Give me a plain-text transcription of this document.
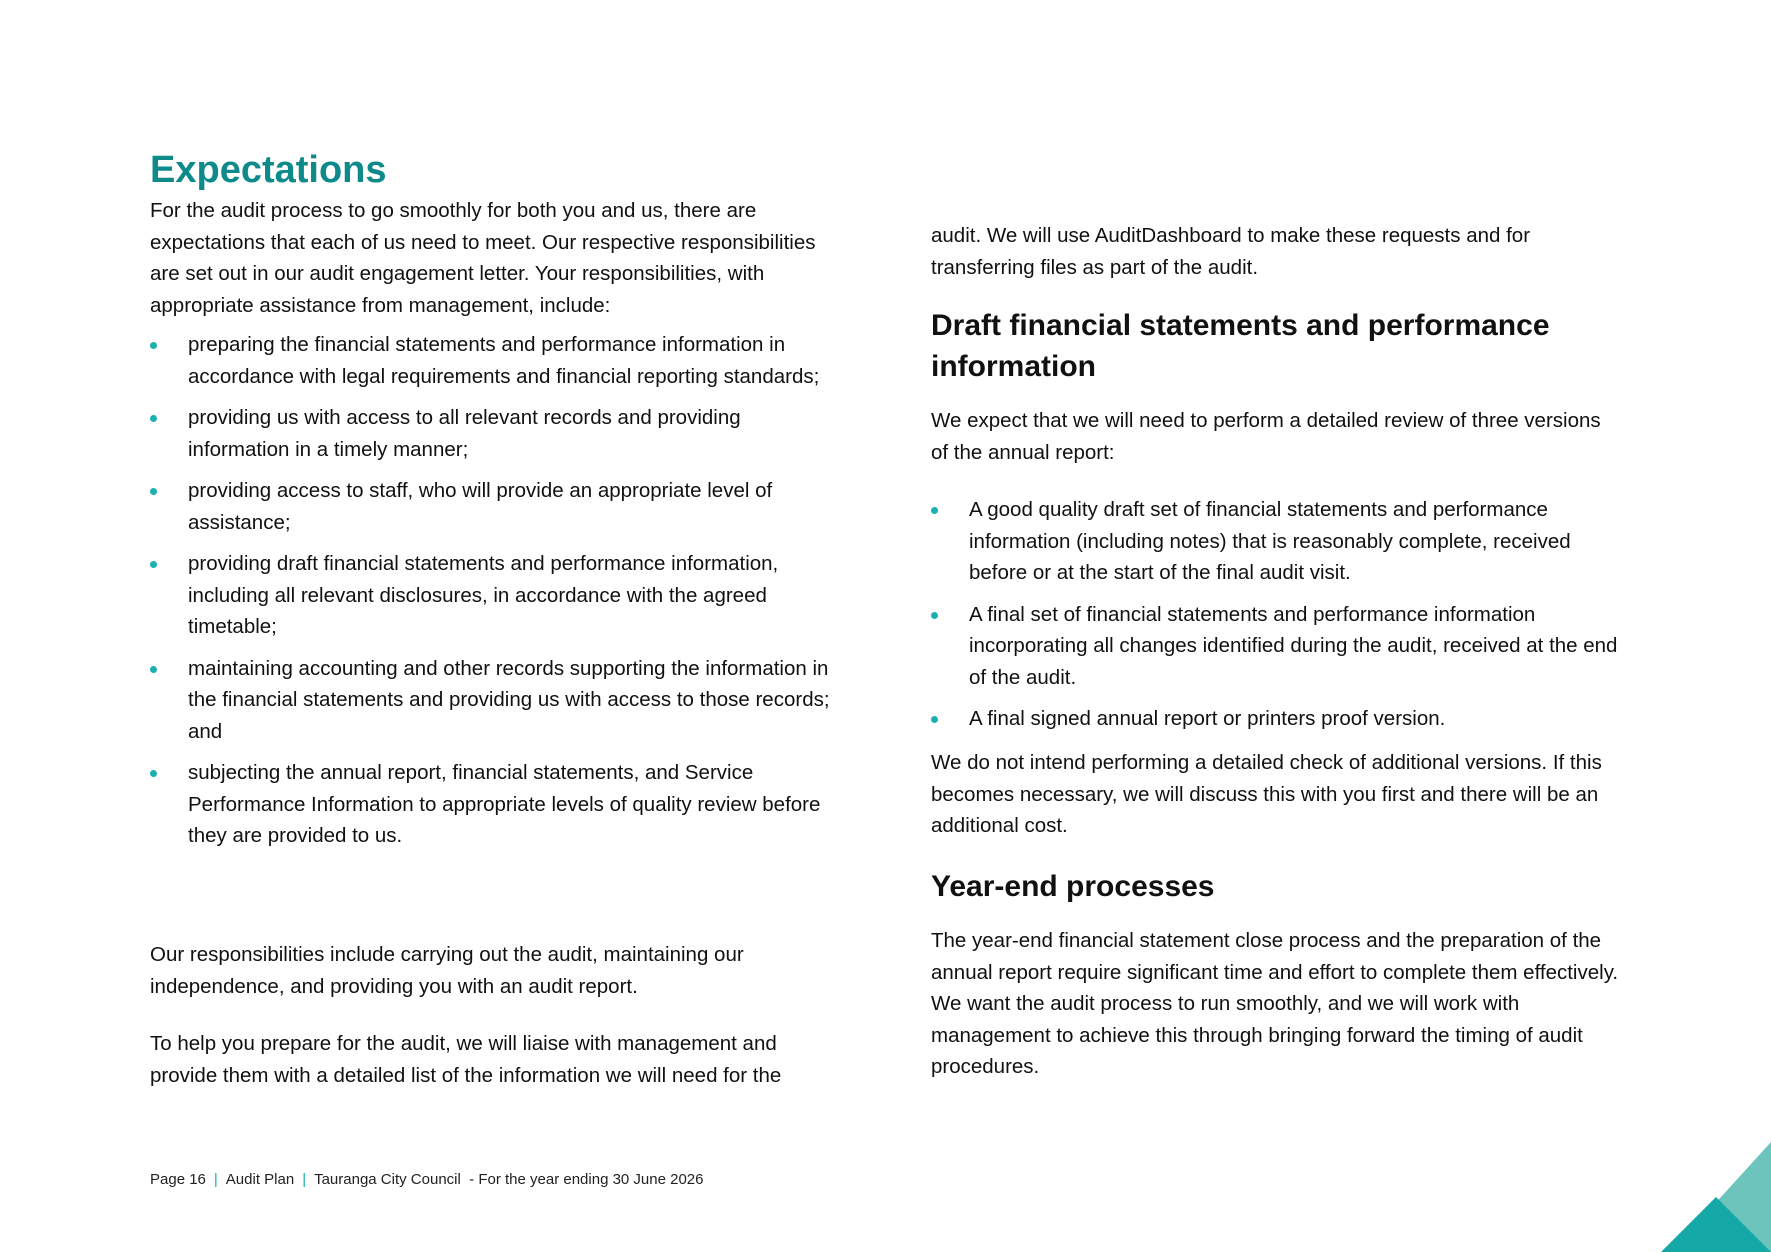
Expectations

For the audit process to go smoothly for both you and us, there are expectations that each of us need to meet. Our respective responsibilities are set out in our audit engagement letter. Your responsibilities, with appropriate assistance from management, include:

preparing the financial statements and performance information in accordance with legal requirements and financial reporting standards;
providing us with access to all relevant records and providing information in a timely manner;
providing access to staff, who will provide an appropriate level of assistance;
providing draft financial statements and performance information, including all relevant disclosures, in accordance with the agreed timetable;
maintaining accounting and other records supporting the information in the financial statements and providing us with access to those records; and
subjecting the annual report, financial statements, and Service Performance Information to appropriate levels of quality review before they are provided to us.

Our responsibilities include carrying out the audit, maintaining our independence, and providing you with an audit report.

To help you prepare for the audit, we will liaise with management and provide them with a detailed list of the information we will need for the

audit. We will use AuditDashboard to make these requests and for transferring files as part of the audit.

Draft financial statements and performance information

We expect that we will need to perform a detailed review of three versions of the annual report:

A good quality draft set of financial statements and performance information (including notes) that is reasonably complete, received before or at the start of the final audit visit.
A final set of financial statements and performance information incorporating all changes identified during the audit, received at the end of the audit.
A final signed annual report or printers proof version.

We do not intend performing a detailed check of additional versions. If this becomes necessary, we will discuss this with you first and there will be an additional cost.

Year-end processes

The year-end financial statement close process and the preparation of the annual report require significant time and effort to complete them effectively. We want the audit process to run smoothly, and we will work with management to achieve this through bringing forward the timing of audit procedures.

Page 16 | Audit Plan | Tauranga City Council  - For the year ending 30 June 2026
